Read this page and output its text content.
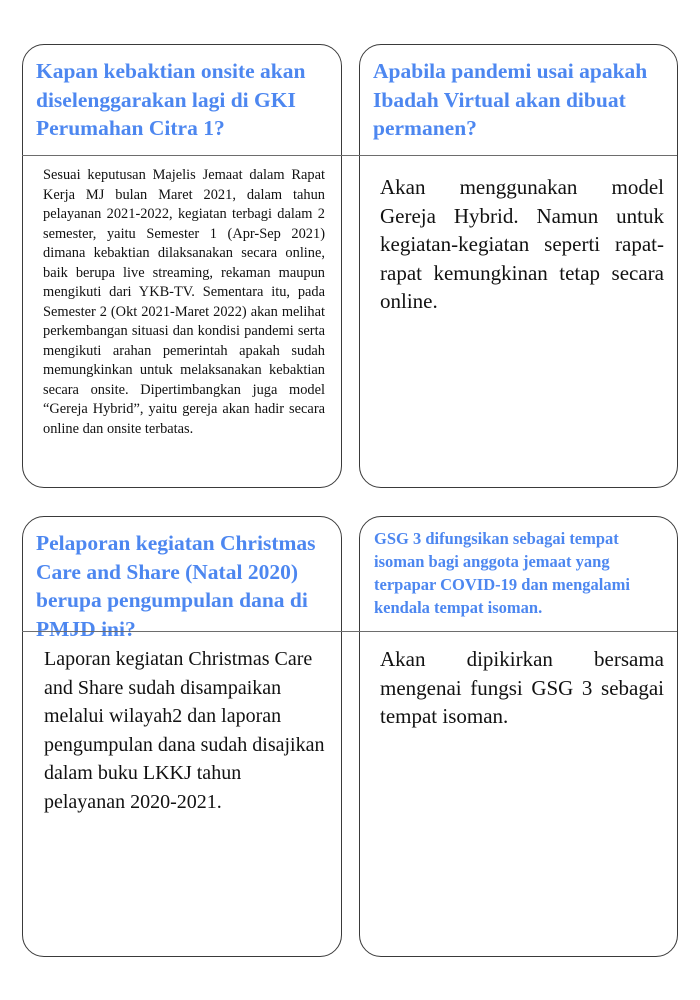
Kapan kebaktian onsite akan diselenggarakan lagi di GKI Perumahan Citra 1?
Sesuai keputusan Majelis Jemaat dalam Rapat Kerja MJ bulan Maret 2021, dalam tahun pelayanan 2021-2022, kegiatan terbagi dalam 2 semester, yaitu Semester 1 (Apr-Sep 2021) dimana kebaktian dilaksanakan secara online, baik berupa live streaming, rekaman maupun mengikuti dari YKB-TV. Sementara itu, pada Semester 2 (Okt 2021-Maret 2022) akan melihat perkembangan situasi dan kondisi pandemi serta mengikuti arahan pemerintah apakah sudah memungkinkan untuk melaksanakan kebaktian secara onsite. Dipertimbangkan juga model “Gereja Hybrid”, yaitu gereja akan hadir secara online dan onsite terbatas.
Apabila pandemi usai apakah Ibadah Virtual akan dibuat permanen?
Akan menggunakan model Gereja Hybrid. Namun untuk kegiatan-kegiatan seperti rapat-rapat kemungkinan tetap secara online.
Pelaporan kegiatan Christmas Care and Share (Natal 2020) berupa pengumpulan dana di PMJD ini?
Laporan kegiatan Christmas Care and Share sudah disampaikan melalui wilayah2 dan laporan pengumpulan dana sudah disajikan dalam buku LKKJ tahun pelayanan 2020-2021.
GSG 3 difungsikan sebagai tempat isoman bagi anggota jemaat yang terpapar COVID-19 dan mengalami kendala tempat isoman.
Akan dipikirkan bersama mengenai fungsi GSG 3 sebagai tempat isoman.
